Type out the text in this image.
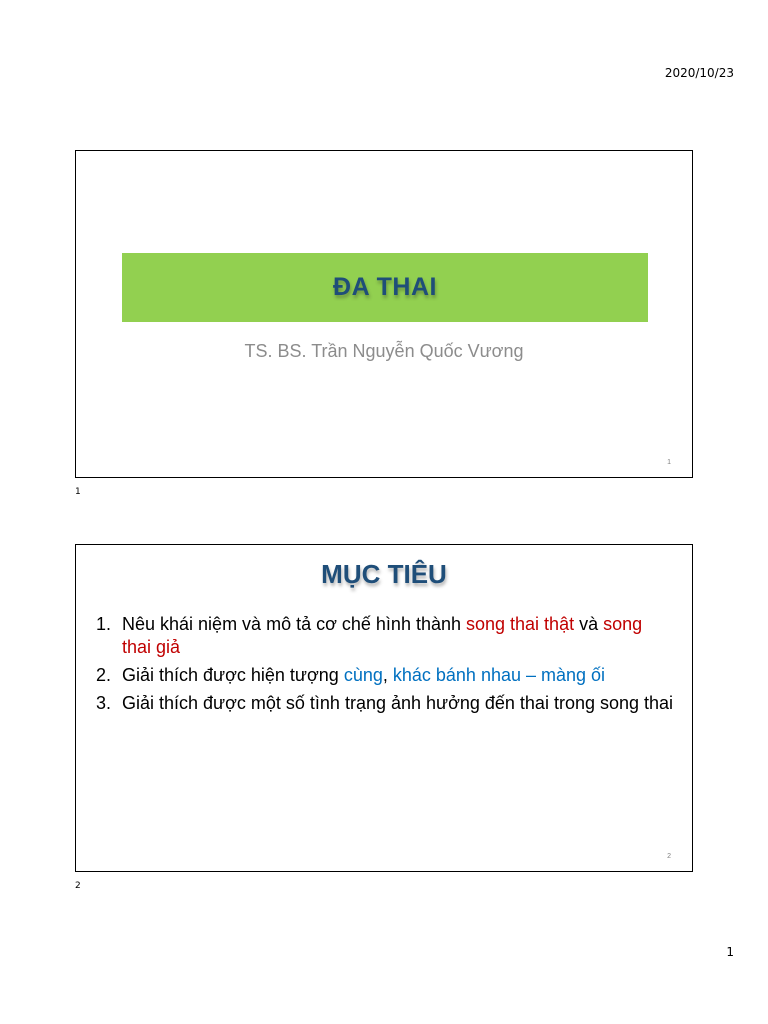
2020/10/23
ĐA THAI
TS. BS. Trần Nguyễn Quốc Vương
1
1
MỤC TIÊU
1. Nêu khái niệm và mô tả cơ chế hình thành song thai thật và song thai giả
2. Giải thích được hiện tượng cùng, khác bánh nhau – màng ối
3. Giải thích được một số tình trạng ảnh hưởng đến thai trong song thai
2
2
1
